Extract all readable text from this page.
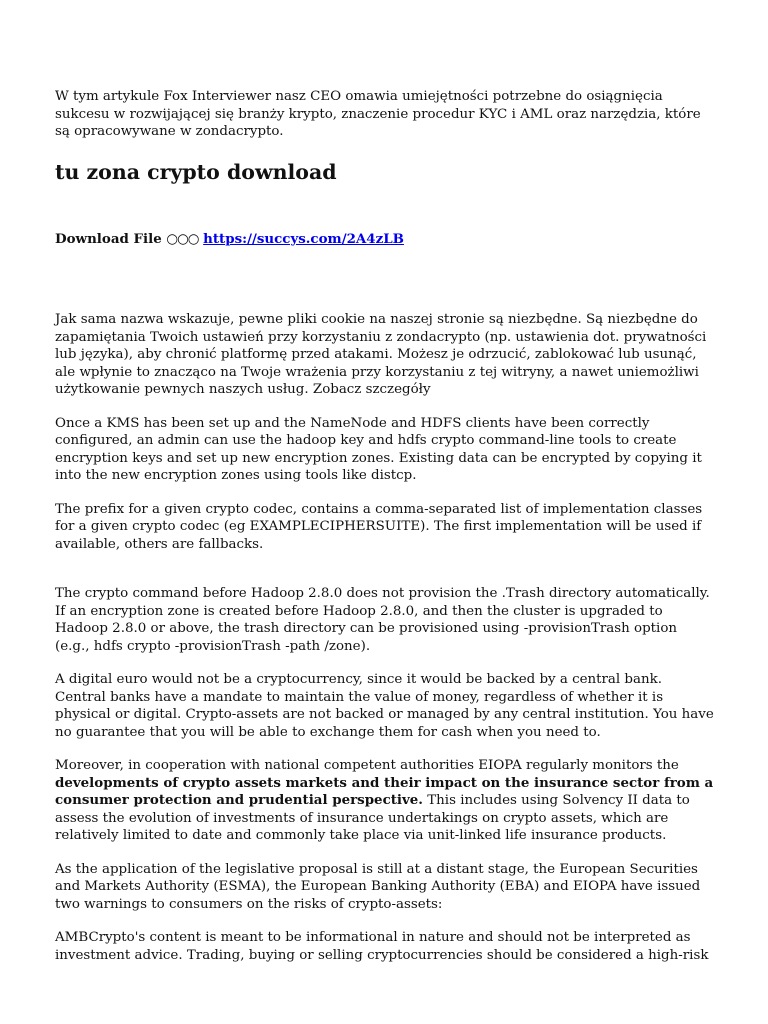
W tym artykule Fox Interviewer nasz CEO omawia umiejętności potrzebne do osiągnięcia sukcesu w rozwijającej się branży krypto, znaczenie procedur KYC i AML oraz narzędzia, które są opracowywane w zondacrypto.

tu zona crypto download
Download File ○○○ https://succys.com/2A4zLB

Jak sama nazwa wskazuje, pewne pliki cookie na naszej stronie są niezbędne. Są niezbędne do zapamiętania Twoich ustawień przy korzystaniu z zondacrypto (np. ustawienia dot. prywatności lub języka), aby chronić platformę przed atakami. Możesz je odrzucić, zablokować lub usunąć, ale wpłynie to znacząco na Twoje wrażenia przy korzystaniu z tej witryny, a nawet uniemożliwi użytkowanie pewnych naszych usług. Zobacz szczegóły

Once a KMS has been set up and the NameNode and HDFS clients have been correctly configured, an admin can use the hadoop key and hdfs crypto command-line tools to create encryption keys and set up new encryption zones. Existing data can be encrypted by copying it into the new encryption zones using tools like distcp.

The prefix for a given crypto codec, contains a comma-separated list of implementation classes for a given crypto codec (eg EXAMPLECIPHERSUITE). The first implementation will be used if available, others are fallbacks.

The crypto command before Hadoop 2.8.0 does not provision the .Trash directory automatically. If an encryption zone is created before Hadoop 2.8.0, and then the cluster is upgraded to Hadoop 2.8.0 or above, the trash directory can be provisioned using -provisionTrash option (e.g., hdfs crypto -provisionTrash -path /zone).

A digital euro would not be a cryptocurrency, since it would be backed by a central bank. Central banks have a mandate to maintain the value of money, regardless of whether it is physical or digital. Crypto-assets are not backed or managed by any central institution. You have no guarantee that you will be able to exchange them for cash when you need to.

Moreover, in cooperation with national competent authorities EIOPA regularly monitors the developments of crypto assets markets and their impact on the insurance sector from a consumer protection and prudential perspective. This includes using Solvency II data to assess the evolution of investments of insurance undertakings on crypto assets, which are relatively limited to date and commonly take place via unit-linked life insurance products.

As the application of the legislative proposal is still at a distant stage, the European Securities and Markets Authority (ESMA), the European Banking Authority (EBA) and EIOPA have issued two warnings to consumers on the risks of crypto-assets:

AMBCrypto's content is meant to be informational in nature and should not be interpreted as investment advice. Trading, buying or selling cryptocurrencies should be considered a high-risk
